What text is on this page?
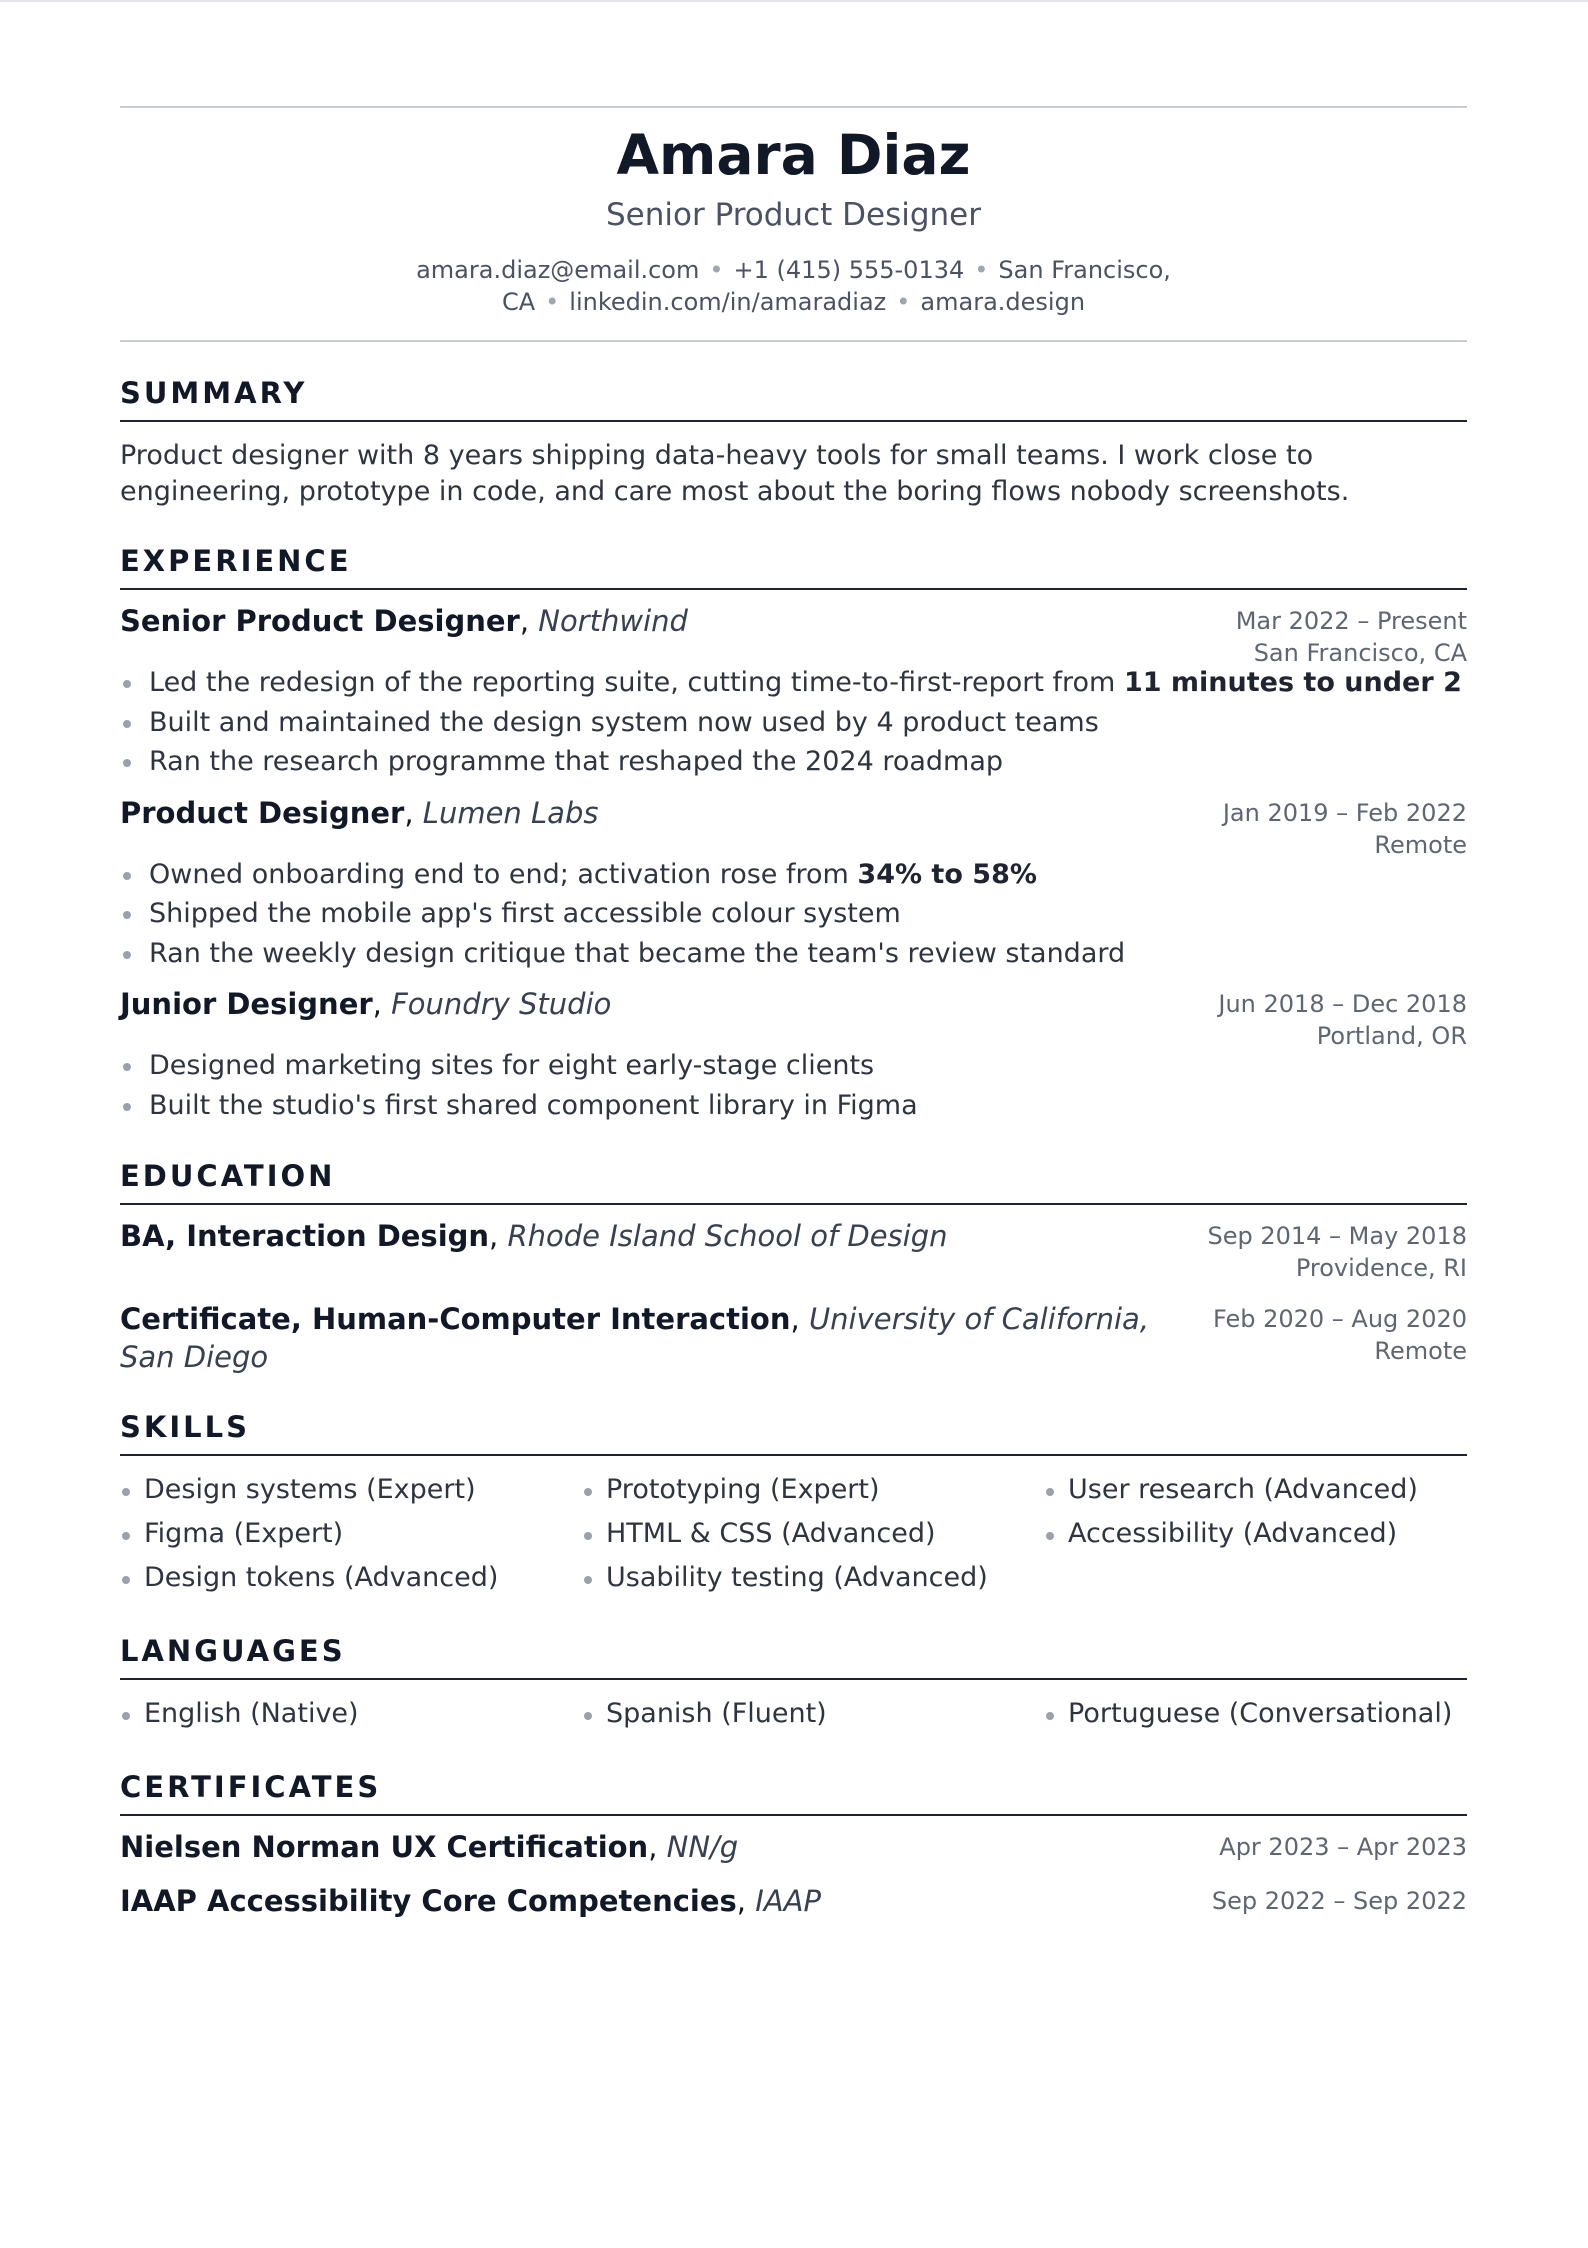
Amara Diaz
Senior Product Designer
amara.diaz@email.com • +1 (415) 555-0134 • San Francisco, CA • linkedin.com/in/amaradiaz • amara.design
SUMMARY
Product designer with 8 years shipping data-heavy tools for small teams. I work close to engineering, prototype in code, and care most about the boring flows nobody screenshots.
EXPERIENCE
Senior Product Designer, Northwind	Mar 2022 – Present
San Francisco, CA
Led the redesign of the reporting suite, cutting time-to-first-report from 11 minutes to under 2
Built and maintained the design system now used by 4 product teams
Ran the research programme that reshaped the 2024 roadmap
Product Designer, Lumen Labs	Jan 2019 – Feb 2022
Remote
Owned onboarding end to end; activation rose from 34% to 58%
Shipped the mobile app's first accessible colour system
Ran the weekly design critique that became the team's review standard
Junior Designer, Foundry Studio	Jun 2018 – Dec 2018
Portland, OR
Designed marketing sites for eight early-stage clients
Built the studio's first shared component library in Figma
EDUCATION
BA, Interaction Design, Rhode Island School of Design	Sep 2014 – May 2018
Providence, RI
Certificate, Human-Computer Interaction, University of California, San Diego
Feb 2020 – Aug 2020
Remote
SKILLS
Design systems (Expert)	Prototyping (Expert)	User research (Advanced)
Figma (Expert)	HTML & CSS (Advanced)	Accessibility (Advanced)
Design tokens (Advanced)	Usability testing (Advanced)
LANGUAGES
English (Native)	Spanish (Fluent)	Portuguese (Conversational)
CERTIFICATES
Nielsen Norman UX Certification, NN/g	Apr 2023 – Apr 2023
IAAP Accessibility Core Competencies, IAAP	Sep 2022 – Sep 2022
